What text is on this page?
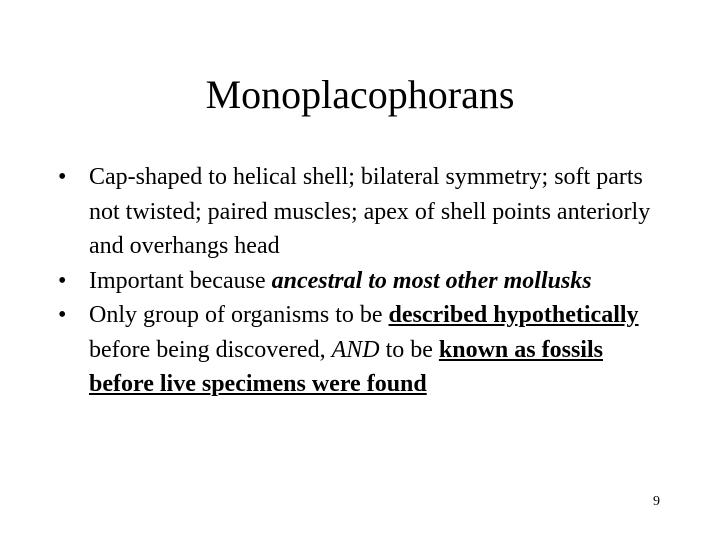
Monoplacophorans
• Cap-shaped to helical shell; bilateral symmetry; soft parts not twisted; paired muscles; apex of shell points anteriorly and overhangs head
• Important because ancestral to most other mollusks
• Only group of organisms to be described hypothetically before being discovered, AND to be known as fossils before live specimens were found
9
